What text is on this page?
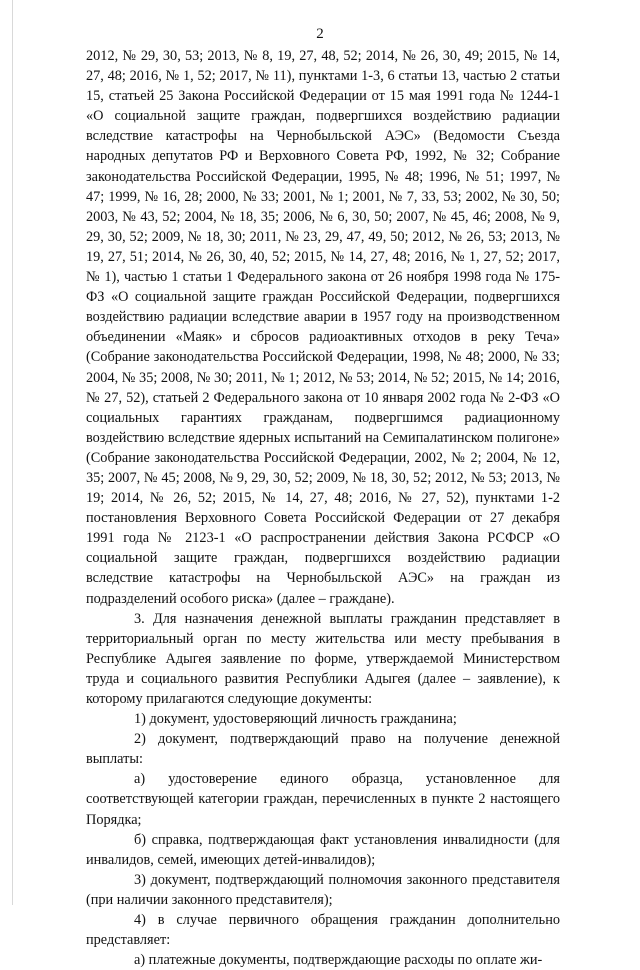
2

2012, № 29, 30, 53; 2013, № 8, 19, 27, 48, 52; 2014, № 26, 30, 49; 2015, № 14, 27, 48; 2016, № 1, 52; 2017, № 11), пунктами 1-3, 6 статьи 13, частью 2 статьи 15, статьей 25 Закона Российской Федерации от 15 мая 1991 года № 1244-1 «О социальной защите граждан, подвергшихся воздействию радиации вследствие катастрофы на Чернобыльской АЭС» (Ведомости Съезда народных депутатов РФ и Верховного Совета РФ, 1992, № 32; Собрание законодательства Российской Федерации, 1995, № 48; 1996, № 51; 1997, № 47; 1999, № 16, 28; 2000, № 33; 2001, № 1; 2001, № 7, 33, 53; 2002, № 30, 50; 2003, № 43, 52; 2004, № 18, 35; 2006, № 6, 30, 50; 2007, № 45, 46; 2008, № 9, 29, 30, 52; 2009, № 18, 30; 2011, № 23, 29, 47, 49, 50; 2012, № 26, 53; 2013, № 19, 27, 51; 2014, № 26, 30, 40, 52; 2015, № 14, 27, 48; 2016, № 1, 27, 52; 2017, № 1), частью 1 статьи 1 Федерального закона от 26 ноября 1998 года № 175-ФЗ «О социальной защите граждан Российской Федерации, подвергшихся воздействию радиации вследствие аварии в 1957 году на производственном объединении «Маяк» и сбросов радиоактивных отходов в реку Теча» (Собрание законодательства Российской Федерации, 1998, № 48; 2000, № 33; 2004, № 35; 2008, № 30; 2011, № 1; 2012, № 53; 2014, № 52; 2015, № 14; 2016, № 27, 52), статьей 2 Федерального закона от 10 января 2002 года № 2-ФЗ «О социальных гарантиях гражданам, подвергшимся радиационному воздействию вследствие ядерных испытаний на Семипалатинском полигоне» (Собрание законодательства Российской Федерации, 2002, № 2; 2004, № 12, 35; 2007, № 45; 2008, № 9, 29, 30, 52; 2009, № 18, 30, 52; 2012, № 53; 2013, № 19; 2014, № 26, 52; 2015, № 14, 27, 48; 2016, № 27, 52), пунктами 1-2 постановления Верховного Совета Российской Федерации от 27 декабря 1991 года № 2123-1 «О распространении действия Закона РСФСР «О социальной защите граждан, подвергшихся воздействию радиации вследствие катастрофы на Чернобыльской АЭС» на граждан из подразделений особого риска» (далее – граждане).

3. Для назначения денежной выплаты гражданин представляет в территориальный орган по месту жительства или месту пребывания в Республике Адыгея заявление по форме, утверждаемой Министерством труда и социального развития Республики Адыгея (далее – заявление), к которому прилагаются следующие документы:

1) документ, удостоверяющий личность гражданина;

2) документ, подтверждающий право на получение денежной выплаты:

а) удостоверение единого образца, установленное для соответствующей категории граждан, перечисленных в пункте 2 настоящего Порядка;

б) справка, подтверждающая факт установления инвалидности (для инвалидов, семей, имеющих детей-инвалидов);

3) документ, подтверждающий полномочия законного представителя (при наличии законного представителя);

4) в случае первичного обращения гражданин дополнительно представляет:

а) платежные документы, подтверждающие расходы по оплате жи-
